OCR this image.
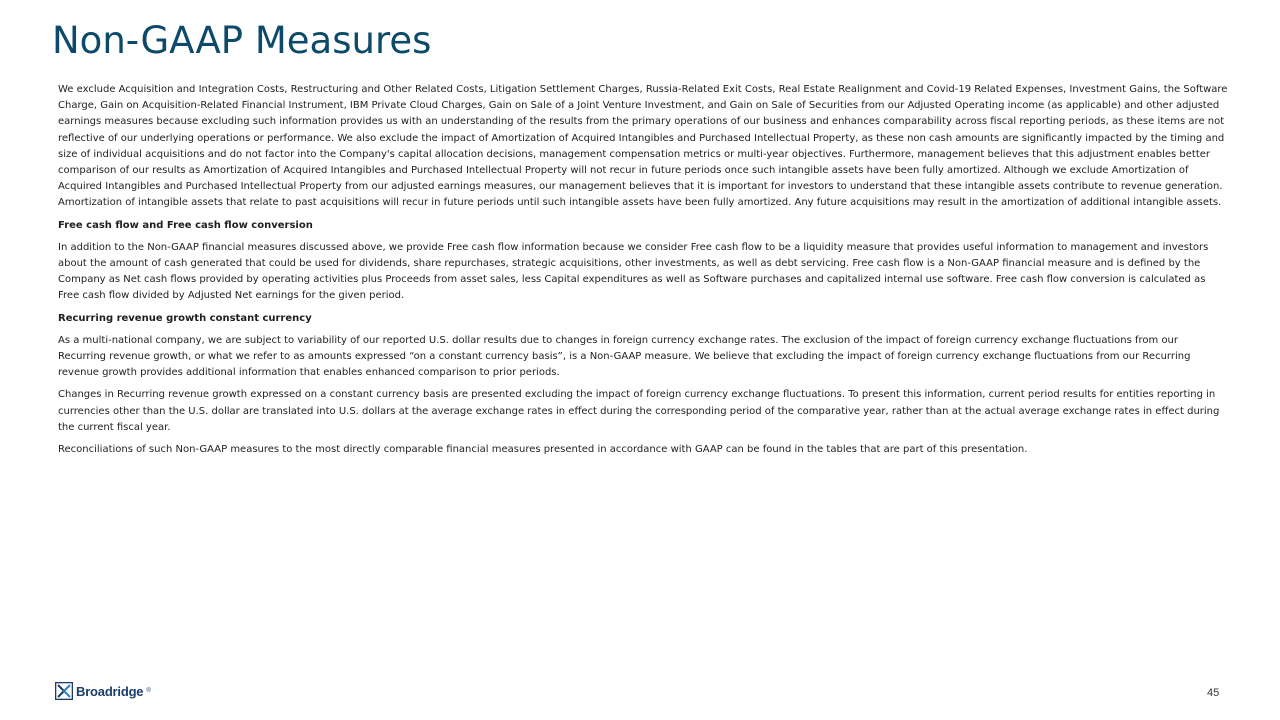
Non-GAAP Measures

We exclude Acquisition and Integration Costs, Restructuring and Other Related Costs, Litigation Settlement Charges, Russia-Related Exit Costs, Real Estate Realignment and Covid-19 Related Expenses, Investment Gains, the Software Charge, Gain on Acquisition-Related Financial Instrument, IBM Private Cloud Charges, Gain on Sale of a Joint Venture Investment, and Gain on Sale of Securities from our Adjusted Operating income (as applicable) and other adjusted earnings measures because excluding such information provides us with an understanding of the results from the primary operations of our business and enhances comparability across fiscal reporting periods, as these items are not reflective of our underlying operations or performance. We also exclude the impact of Amortization of Acquired Intangibles and Purchased Intellectual Property, as these non cash amounts are significantly impacted by the timing and size of individual acquisitions and do not factor into the Company's capital allocation decisions, management compensation metrics or multi-year objectives. Furthermore, management believes that this adjustment enables better comparison of our results as Amortization of Acquired Intangibles and Purchased Intellectual Property will not recur in future periods once such intangible assets have been fully amortized. Although we exclude Amortization of Acquired Intangibles and Purchased Intellectual Property from our adjusted earnings measures, our management believes that it is important for investors to understand that these intangible assets contribute to revenue generation. Amortization of intangible assets that relate to past acquisitions will recur in future periods until such intangible assets have been fully amortized. Any future acquisitions may result in the amortization of additional intangible assets.

Free cash flow and Free cash flow conversion

In addition to the Non-GAAP financial measures discussed above, we provide Free cash flow information because we consider Free cash flow to be a liquidity measure that provides useful information to management and investors about the amount of cash generated that could be used for dividends, share repurchases, strategic acquisitions, other investments, as well as debt servicing. Free cash flow is a Non-GAAP financial measure and is defined by the Company as Net cash flows provided by operating activities plus Proceeds from asset sales, less Capital expenditures as well as Software purchases and capitalized internal use software. Free cash flow conversion is calculated as Free cash flow divided by Adjusted Net earnings for the given period.

Recurring revenue growth constant currency

As a multi-national company, we are subject to variability of our reported U.S. dollar results due to changes in foreign currency exchange rates. The exclusion of the impact of foreign currency exchange fluctuations from our Recurring revenue growth, or what we refer to as amounts expressed “on a constant currency basis”, is a Non-GAAP measure. We believe that excluding the impact of foreign currency exchange fluctuations from our Recurring revenue growth provides additional information that enables enhanced comparison to prior periods.

Changes in Recurring revenue growth expressed on a constant currency basis are presented excluding the impact of foreign currency exchange fluctuations. To present this information, current period results for entities reporting in currencies other than the U.S. dollar are translated into U.S. dollars at the average exchange rates in effect during the corresponding period of the comparative year, rather than at the actual average exchange rates in effect during the current fiscal year.

Reconciliations of such Non-GAAP measures to the most directly comparable financial measures presented in accordance with GAAP can be found in the tables that are part of this presentation.

Broadridge ®	45
